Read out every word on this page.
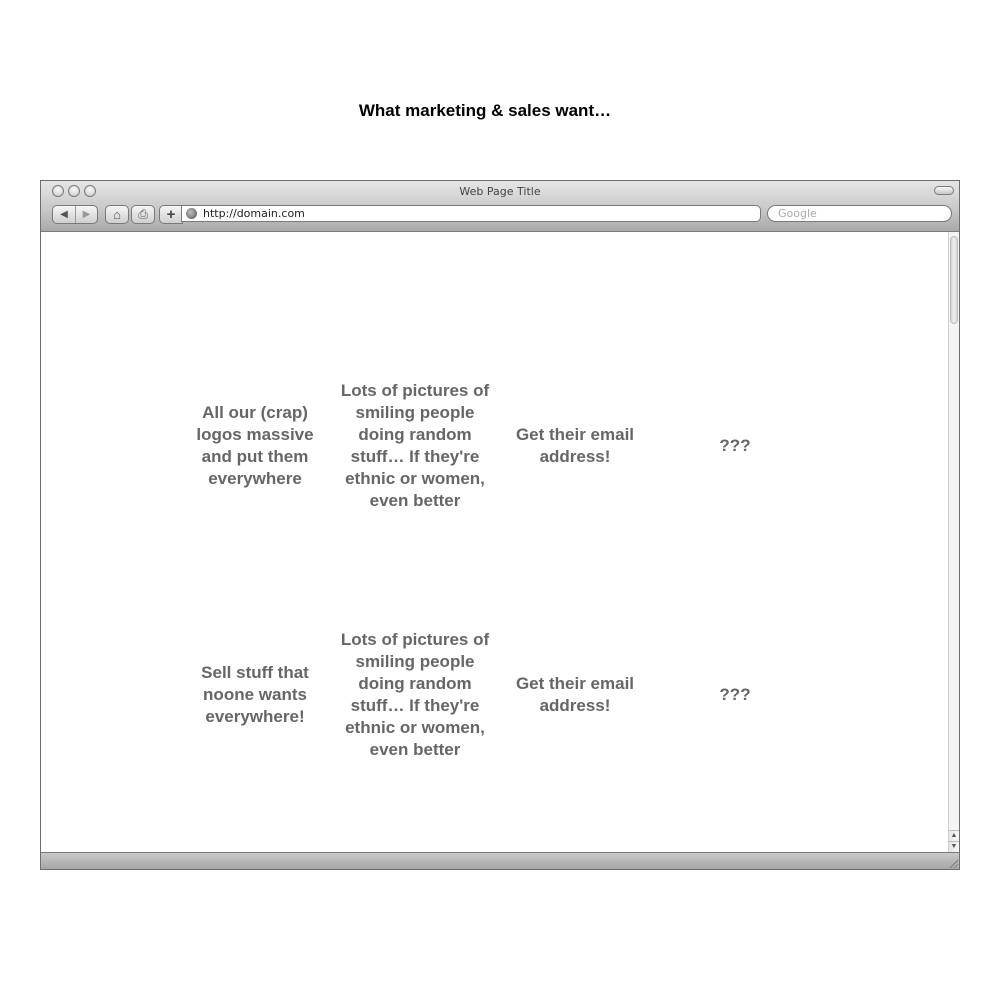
What marketing & sales want…
Web Page Title
◀ ▶ ⌂ ⎙ +	http://domain.com	Google
All our (crap) logos massive and put them everywhere
Lots of pictures of smiling people doing random stuff… If they're ethnic or women, even better
Get their email address!
???
Sell stuff that noone wants everywhere!
Lots of pictures of smiling people doing random stuff… If they're ethnic or women, even better
Get their email address!
???
▲
▼
